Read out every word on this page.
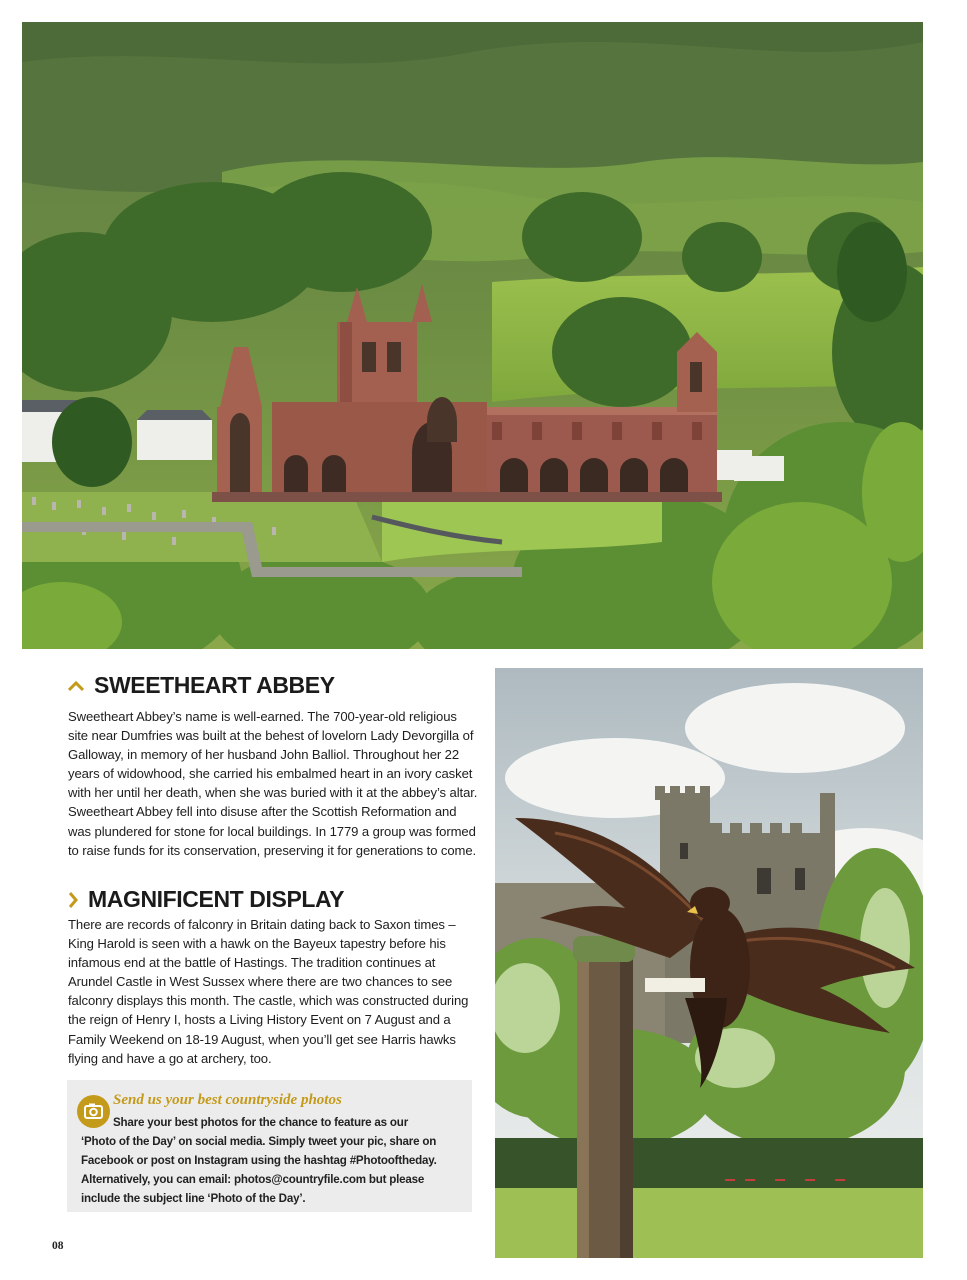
SWEETHEART ABBEY

Sweetheart Abbey’s name is well-earned. The 700-year-old religious site near Dumfries was built at the behest of lovelorn Lady Devorgilla of Galloway, in memory of her husband John Balliol. Throughout her 22 years of widowhood, she carried his embalmed heart in an ivory casket with her until her death, when she was buried with it at the abbey’s altar. Sweetheart Abbey fell into disuse after the Scottish Reformation and was plundered for stone for local buildings. In 1779 a group was formed to raise funds for its conservation, preserving it for generations to come.

MAGNIFICENT DISPLAY

There are records of falconry in Britain dating back to Saxon times – King Harold is seen with a hawk on the Bayeux tapestry before his infamous end at the battle of Hastings. The tradition continues at Arundel Castle in West Sussex where there are two chances to see falconry displays this month. The castle, which was constructed during the reign of Henry I, hosts a Living History Event on 7 August and a Family Weekend on 18-19 August, when you’ll get see Harris hawks flying and have a go at archery, too.

Send us your best countryside photos
Share your best photos for the chance to feature as our
‘Photo of the Day’ on social media. Simply tweet your pic, share on Facebook or post on Instagram using the hashtag #Photooftheday. Alternatively, you can email: photos@countryfile.com but please include the subject line ‘Photo of the Day’.
08
